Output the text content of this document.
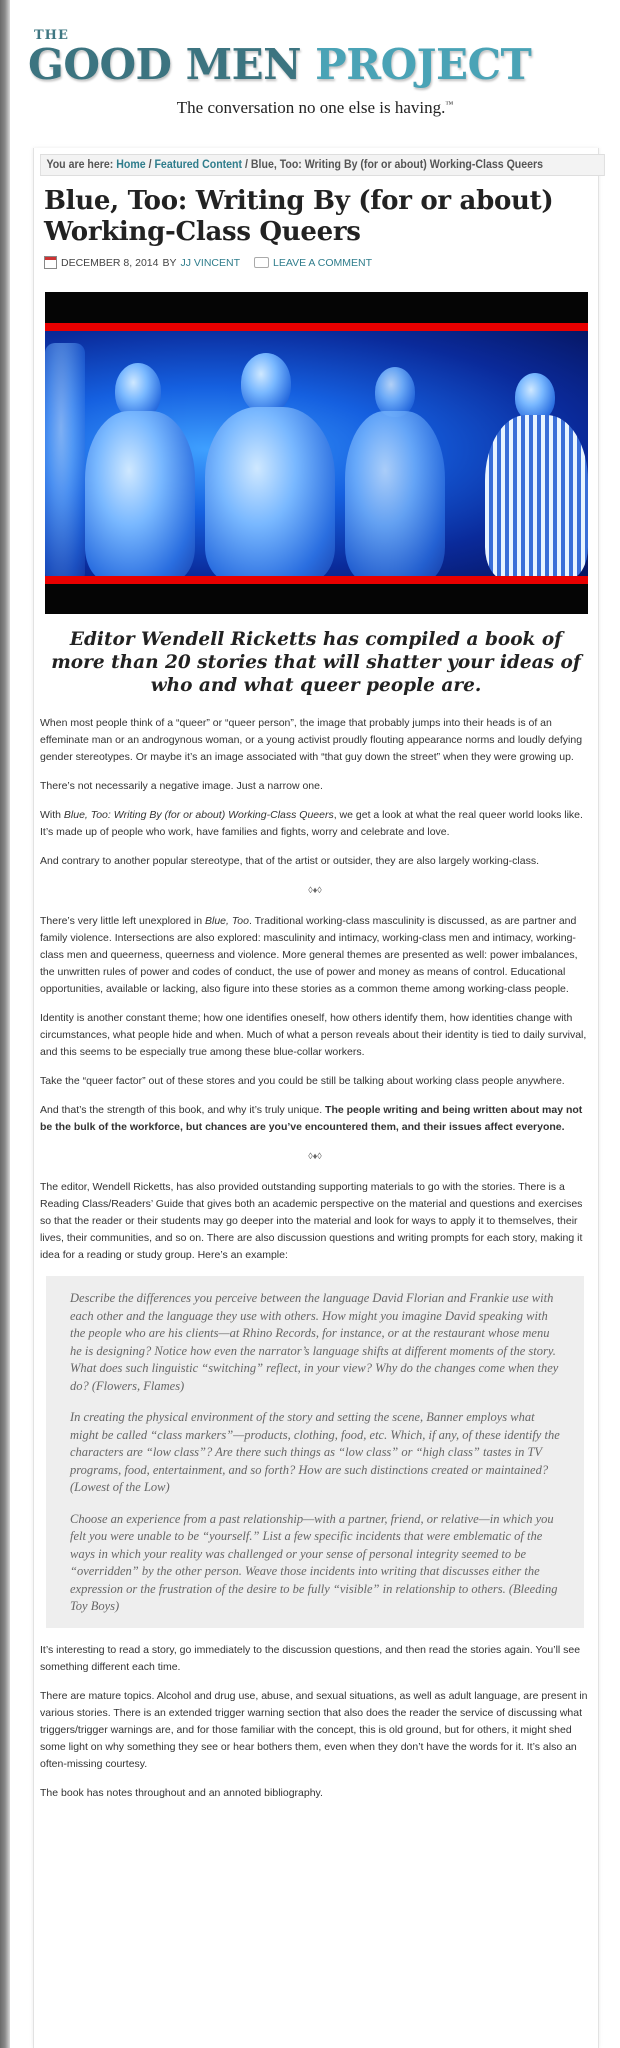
THE
GOOD MEN PROJECT
The conversation no one else is having.™
You are here: Home / Featured Content / Blue, Too: Writing By (for or about) Working-Class Queers
Blue, Too: Writing By (for or about) Working-Class Queers
DECEMBER 8, 2014 BY JJ VINCENT	LEAVE A COMMENT
Editor Wendell Ricketts has compiled a book of more than 20 stories that will shatter your ideas of who and what queer people are.

When most people think of a “queer” or “queer person”, the image that probably jumps into their heads is of an effeminate man or an androgynous woman, or a young activist proudly flouting appearance norms and loudly defying gender stereotypes. Or maybe it’s an image associated with “that guy down the street” when they were growing up.

There’s not necessarily a negative image. Just a narrow one.

With Blue, Too: Writing By (for or about) Working-Class Queers, we get a look at what the real queer world looks like. It’s made up of people who work, have families and fights, worry and celebrate and love.

And contrary to another popular stereotype, that of the artist or outsider, they are also largely working-class.

◊♦◊

There’s very little left unexplored in Blue, Too. Traditional working-class masculinity is discussed, as are partner and family violence. Intersections are also explored: masculinity and intimacy, working-class men and intimacy, working-class men and queerness, queerness and violence. More general themes are presented as well: power imbalances, the unwritten rules of power and codes of conduct, the use of power and money as means of control. Educational opportunities, available or lacking, also figure into these stories as a common theme among working-class people.

Identity is another constant theme; how one identifies oneself, how others identify them, how identities change with circumstances, what people hide and when. Much of what a person reveals about their identity is tied to daily survival, and this seems to be especially true among these blue-collar workers.

Take the “queer factor” out of these stores and you could be still be talking about working class people anywhere.

And that’s the strength of this book, and why it’s truly unique. The people writing and being written about may not be the bulk of the workforce, but chances are you’ve encountered them, and their issues affect everyone.

◊♦◊

The editor, Wendell Ricketts, has also provided outstanding supporting materials to go with the stories. There is a Reading Class/Readers’ Guide that gives both an academic perspective on the material and questions and exercises so that the reader or their students may go deeper into the material and look for ways to apply it to themselves, their lives, their communities, and so on. There are also discussion questions and writing prompts for each story, making it idea for a reading or study group. Here’s an example:

Describe the differences you perceive between the language David Florian and Frankie use with each other and the language they use with others. How might you imagine David speaking with the people who are his clients—at Rhino Records, for instance, or at the restaurant whose menu he is designing? Notice how even the narrator’s language shifts at different moments of the story. What does such linguistic “switching” reflect, in your view? Why do the changes come when they do? (Flowers, Flames)

In creating the physical environment of the story and setting the scene, Banner employs what might be called “class markers”—products, clothing, food, etc. Which, if any, of these identify the characters are “low class”? Are there such things as “low class” or “high class” tastes in TV programs, food, entertainment, and so forth? How are such distinctions created or maintained? (Lowest of the Low)

Choose an experience from a past relationship—with a partner, friend, or relative—in which you felt you were unable to be “yourself.” List a few specific incidents that were emblematic of the ways in which your reality was challenged or your sense of personal integrity seemed to be “overridden” by the other person. Weave those incidents into writing that discusses either the expression or the frustration of the desire to be fully “visible” in relationship to others. (Bleeding Toy Boys)

It’s interesting to read a story, go immediately to the discussion questions, and then read the stories again. You’ll see something different each time.

There are mature topics. Alcohol and drug use, abuse, and sexual situations, as well as adult language, are present in various stories. There is an extended trigger warning section that also does the reader the service of discussing what triggers/trigger warnings are, and for those familiar with the concept, this is old ground, but for others, it might shed some light on why something they see or hear bothers them, even when they don’t have the words for it. It’s also an often-missing courtesy.

The book has notes throughout and an annoted bibliography.
